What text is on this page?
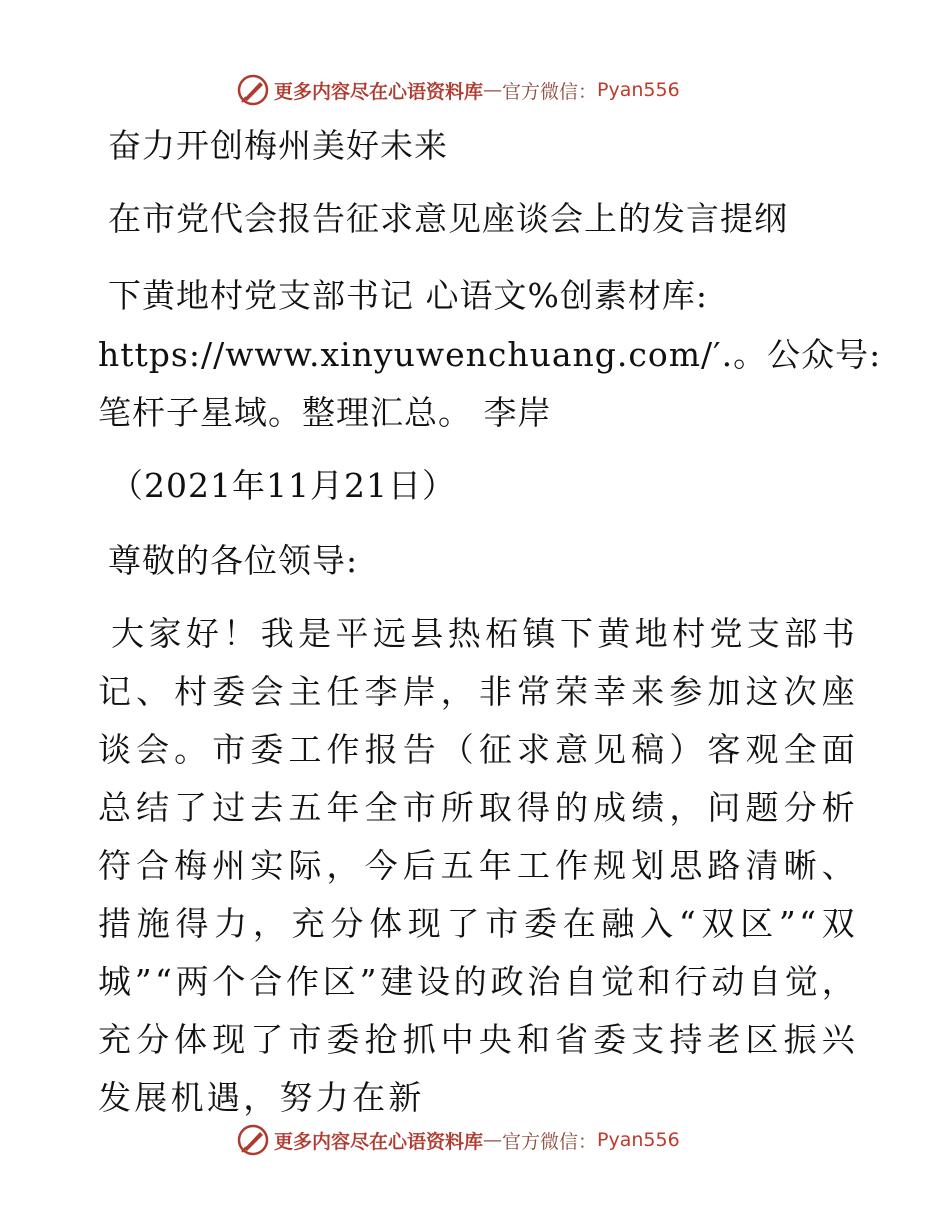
更多内容尽在心语资料库 — 官方微信： Pyan556
奋力开创梅州美好未来
在市党代会报告征求意见座谈会上的发言提纲
下黄地村党支部书记 心语文%创素材库:
https://www.xinyuwenchuang.com/′.。公众号:
笔杆子星域。整理汇总。 李岸
（2021年11月21日）
尊敬的各位领导:
大家好！我是平远县热柘镇下黄地村党支部书记、村委会主任李岸，非常荣幸来参加这次座谈会。市委工作报告（征求意见稿）客观全面总结了过去五年全市所取得的成绩，问题分析符合梅州实际，今后五年工作规划思路清晰、措施得力，充分体现了市委在融入“双区”“双城”“两个合作区”建设的政治自觉和行动自觉，充分体现了市委抢抓中央和省委支持老区振兴发展机遇，努力在新
更多内容尽在心语资料库 — 官方微信： Pyan556
